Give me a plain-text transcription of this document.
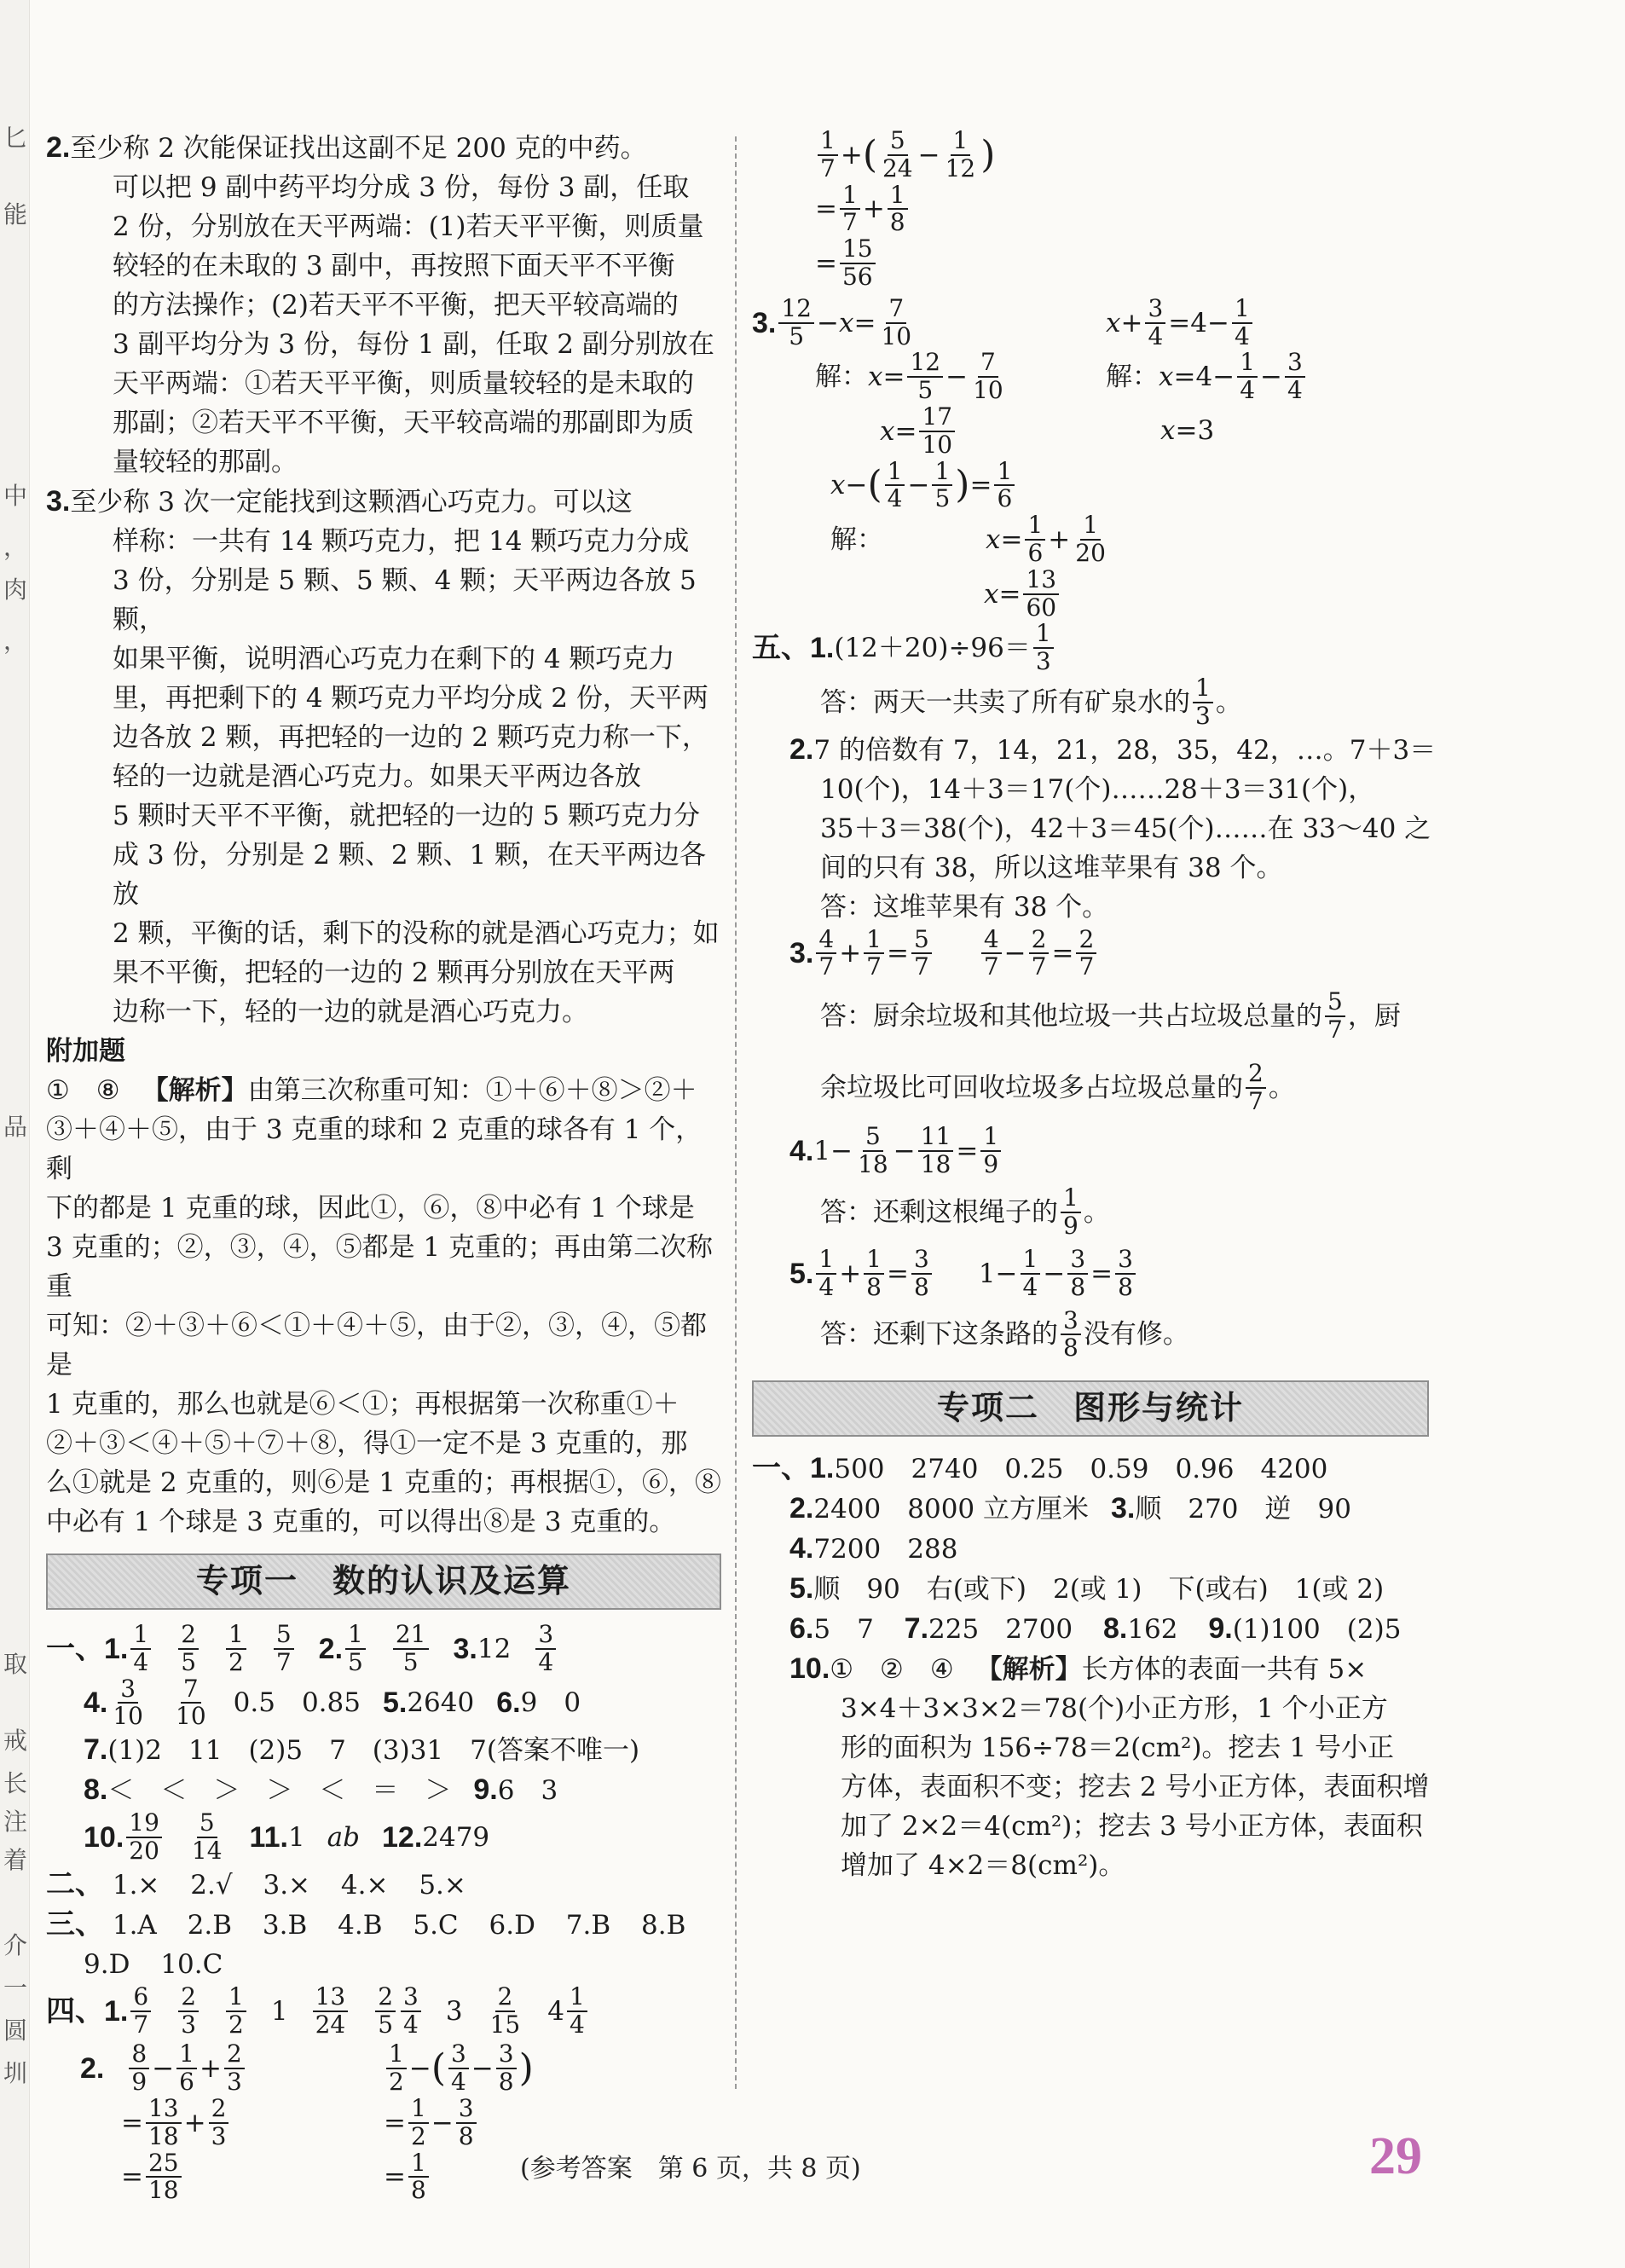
匕
能
中
，
肉
，
品
取
戒
长
注
着
介
一
圆
圳

2.至少称 2 次能保证找出这副不足 200 克的中药。

可以把 9 副中药平均分成 3 份，每份 3 副，任取

2 份，分别放在天平两端：(1)若天平平衡，则质量

较轻的在未取的 3 副中，再按照下面天平不平衡

的方法操作；(2)若天平不平衡，把天平较高端的

3 副平均分为 3 份，每份 1 副，任取 2 副分别放在

天平两端：①若天平平衡，则质量较轻的是未取的

那副；②若天平不平衡，天平较高端的那副即为质

量较轻的那副。

3.至少称 3 次一定能找到这颗酒心巧克力。可以这

样称：一共有 14 颗巧克力，把 14 颗巧克力分成

3 份，分别是 5 颗、5 颗、4 颗；天平两边各放 5 颗，

如果平衡，说明酒心巧克力在剩下的 4 颗巧克力

里，再把剩下的 4 颗巧克力平均分成 2 份，天平两

边各放 2 颗，再把轻的一边的 2 颗巧克力称一下，

轻的一边就是酒心巧克力。如果天平两边各放

5 颗时天平不平衡，就把轻的一边的 5 颗巧克力分

成 3 份，分别是 2 颗、2 颗、1 颗，在天平两边各放

2 颗，平衡的话，剩下的没称的就是酒心巧克力；如

果不平衡，把轻的一边的 2 颗再分别放在天平两

边称一下，轻的一边的就是酒心巧克力。

附加题

①　⑧ 【解析】由第三次称重可知：①＋⑥＋⑧＞②＋

③＋④＋⑤，由于 3 克重的球和 2 克重的球各有 1 个，剩

下的都是 1 克重的球，因此①，⑥，⑧中必有 1 个球是

3 克重的；②，③，④，⑤都是 1 克重的；再由第二次称重

可知：②＋③＋⑥＜①＋④＋⑤，由于②，③，④，⑤都是

1 克重的，那么也就是⑥＜①；再根据第一次称重①＋

②＋③＜④＋⑤＋⑦＋⑧，得①一定不是 3 克重的，那

么①就是 2 克重的，则⑥是 1 克重的；再根据①，⑥，⑧

中必有 1 个球是 3 克重的，可以得出⑧是 3 克重的。

专项一　数的认识及运算
一、1. 1
4
2
5
1
2
5
7 2. 1
5
21
5 3. 12 3
4
4. 3
10
7
10 0.5　0.85 5. 2640 6. 9　0

7.(1)2　11　(2)5　7　(3)31　7(答案不唯一)

8.＜　＜　＞　＞　＜　＝　＞ 9.6　3

10. 19
20
5
14 11. 1 ab 12. 2479

二、 1.× 2.√ 3.× 4.× 5.×

三、 1.A 2.B 3.B 4.B 5.C 6.D 7.B 8.B

9.D 10.C

四、1. 6
7
2
3
1
2 1 13
24
2
5
3
4 3 2
15 4 1
4
2. 8
9 − 1
6 + 2
3
= 13
18 + 2
3
= 25
18
1
2 − ( 3
4 − 3
8 )
= 1
2 − 3
8
= 1
8
1
7 + ( 5
24 − 1
12 )
= 1
7 + 1
8
= 15
56
3. 12
5 − x = 7
10
解： x = 12
5 − 7
10
x = 17
10
x + 3
4 = 4 − 1
4
解： x = 4 − 1
4 − 3
4
x = 3
x − ( 1
4 − 1
5 ) = 1
6
解：	x = 1
6 + 1
20
x = 13
60
五、1. (12＋20)÷96＝ 1
3
答：两天一共卖了所有矿泉水的 1
3 。

2.7 的倍数有 7，14，21，28，35，42，…。7＋3＝

10(个)，14＋3＝17(个)……28＋3＝31(个)，

35＋3＝38(个)，42＋3＝45(个)……在 33～40 之

间的只有 38，所以这堆苹果有 38 个。

答：这堆苹果有 38 个。

3. 4
7 + 1
7 = 5
7
4
7 − 2
7 = 2
7
答：厨余垃圾和其他垃圾一共占垃圾总量的 5
7 ，厨
余垃圾比可回收垃圾多占垃圾总量的 2
7 。
4. 1 − 5
18 − 11
18 = 1
9
答：还剩这根绳子的 1
9 。
5. 1
4 + 1
8 = 3
8 1 − 1
4 − 3
8 = 3
8
答：还剩下这条路的 3
8 没有修。
专项二　图形与统计

一、1.500　2740　0.25　0.59　0.96　4200

2.2400　8000 立方厘米 3.顺　270　逆　90

4.7200　288

5.顺　90　右(或下)　2(或 1)　下(或右)　1(或 2)

6.5　7 7.225　2700 8.162 9.(1)100　(2)5

10.①　②　④ 【解析】长方体的表面一共有 5×

3×4＋3×3×2＝78(个)小正方形，1 个小正方

形的面积为 156÷78＝2(cm²)。挖去 1 号小正

方体，表面积不变；挖去 2 号小正方体，表面积增

加了 2×2＝4(cm²)；挖去 3 号小正方体，表面积

增加了 4×2＝8(cm²)。

(参考答案　第 6 页，共 8 页)	29
